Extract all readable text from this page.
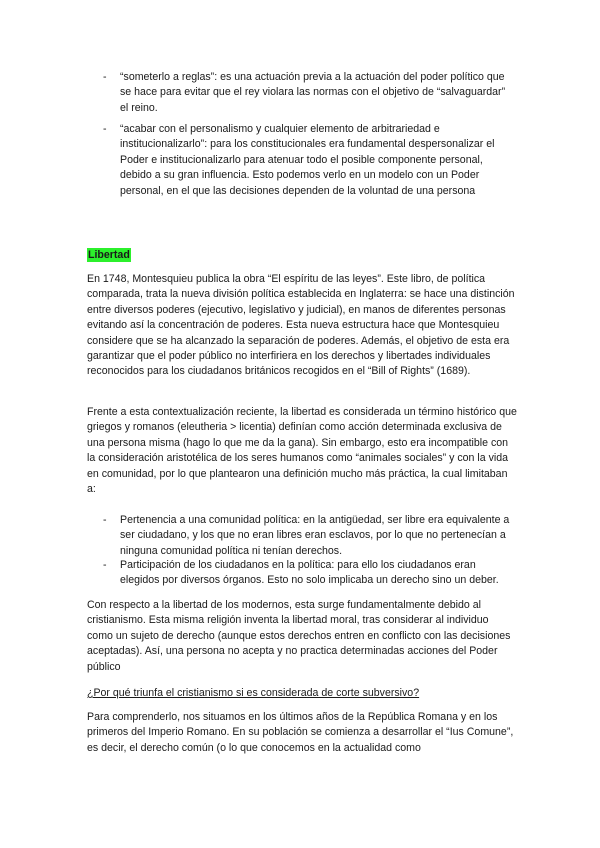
- “someterlo a reglas”: es una actuación previa a la actuación del poder político que se hace para evitar que el rey violara las normas con el objetivo de “salvaguardar” el reino.
- “acabar con el personalismo y cualquier elemento de arbitrariedad e institucionalizarlo”: para los constitucionales era fundamental despersonalizar el Poder e institucionalizarlo para atenuar todo el posible componente personal, debido a su gran influencia. Esto podemos verlo en un modelo con un Poder personal, en el que las decisiones dependen de la voluntad de una persona
Libertad

En 1748, Montesquieu publica la obra “El espíritu de las leyes”. Este libro, de política comparada, trata la nueva división política establecida en Inglaterra: se hace una distinción entre diversos poderes (ejecutivo, legislativo y judicial), en manos de diferentes personas evitando así la concentración de poderes. Esta nueva estructura hace que Montesquieu considere que se ha alcanzado la separación de poderes. Además, el objetivo de esta era garantizar que el poder público no interfiriera en los derechos y libertades individuales reconocidos para los ciudadanos británicos recogidos en el “Bill of Rights” (1689).

Frente a esta contextualización reciente, la libertad es considerada un término histórico que griegos y romanos (eleutheria > licentia) definían como acción determinada exclusiva de una persona misma (hago lo que me da la gana). Sin embargo, esto era incompatible con la consideración aristotélica de los seres humanos como “animales sociales” y con la vida en comunidad, por lo que plantearon una definición mucho más práctica, la cual limitaban a:

- Pertenencia a una comunidad política: en la antigüedad, ser libre era equivalente a ser ciudadano, y los que no eran libres eran esclavos, por lo que no pertenecían a ninguna comunidad política ni tenían derechos.
- Participación de los ciudadanos en la política: para ello los ciudadanos eran elegidos por diversos órganos. Esto no solo implicaba un derecho sino un deber.

Con respecto a la libertad de los modernos, esta surge fundamentalmente debido al cristianismo. Esta misma religión inventa la libertad moral, tras considerar al individuo como un sujeto de derecho (aunque estos derechos entren en conflicto con las decisiones aceptadas). Así, una persona no acepta y no practica determinadas acciones del Poder público

¿Por qué triunfa el cristianismo si es considerada de corte subversivo?

Para comprenderlo, nos situamos en los últimos años de la República Romana y en los primeros del Imperio Romano. En su población se comienza a desarrollar el “Ius Comune”, es decir, el derecho común (o lo que conocemos en la actualidad como
